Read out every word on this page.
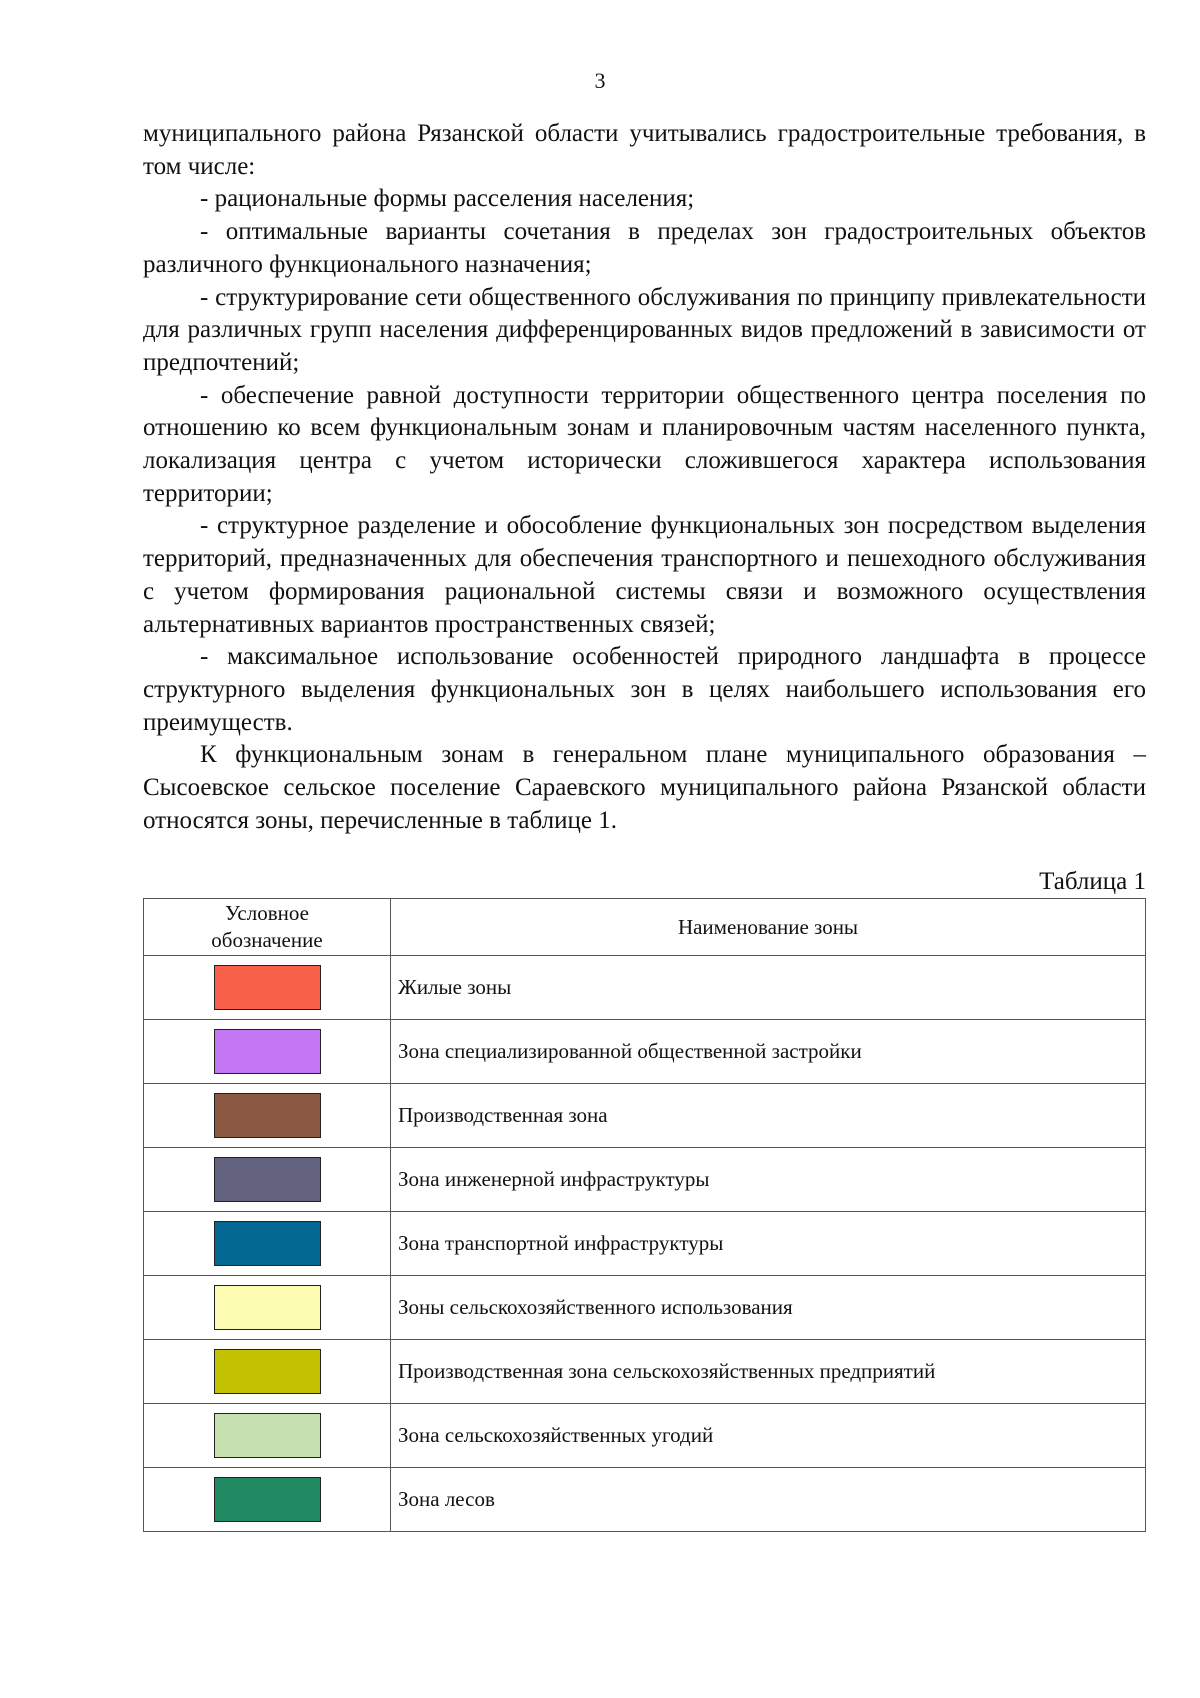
3

муниципального района Рязанской области учитывались градостроительные требования, в том числе:

- рациональные формы расселения населения;

- оптимальные варианты сочетания в пределах зон градостроительных объектов различного функционального назначения;

- структурирование сети общественного обслуживания по принципу привлекательности для различных групп населения дифференцированных видов предложений в зависимости от предпочтений;

- обеспечение равной доступности территории общественного центра поселения по отношению ко всем функциональным зонам и планировочным частям населенного пункта, локализация центра с учетом исторически сложившегося характера использования территории;

- структурное разделение и обособление функциональных зон посредством выделения территорий, предназначенных для обеспечения транспортного и пешеходного обслуживания с учетом формирования рациональной системы связи и возможного осуществления альтернативных вариантов пространственных связей;

- максимальное использование особенностей природного ландшафта в процессе структурного выделения функциональных зон в целях наибольшего использования его преимуществ.

К функциональным зонам в генеральном плане муниципального образования – Сысоевское сельское поселение Сараевского муниципального района Рязанской области относятся зоны, перечисленные в таблице 1.

Таблица 1
Условное
обозначение	Наименование зоны
	Жилые зоны
	Зона специализированной общественной застройки
	Производственная зона
	Зона инженерной инфраструктуры
	Зона транспортной инфраструктуры
	Зоны сельскохозяйственного использования
	Производственная зона сельскохозяйственных предприятий
	Зона сельскохозяйственных угодий
	Зона лесов
